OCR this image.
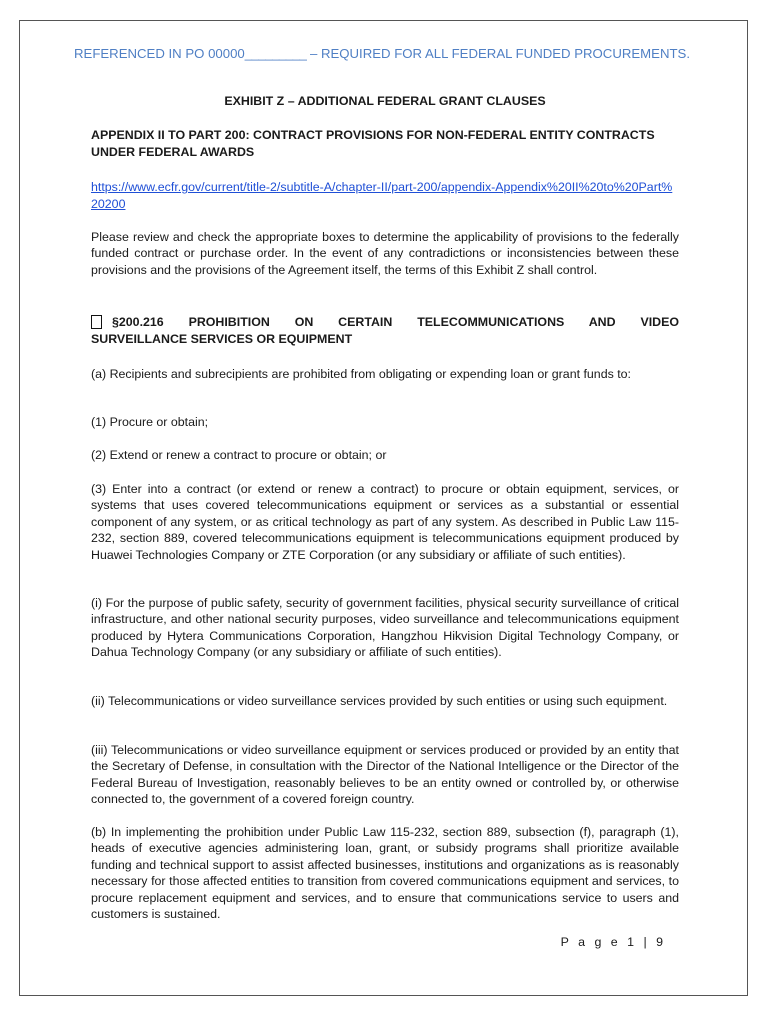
REFERENCED IN PO 00000_________ – REQUIRED FOR ALL FEDERAL FUNDED PROCUREMENTS.
EXHIBIT Z – ADDITIONAL FEDERAL GRANT CLAUSES
APPENDIX II TO PART 200: CONTRACT PROVISIONS FOR NON-FEDERAL ENTITY CONTRACTS UNDER FEDERAL AWARDS
https://www.ecfr.gov/current/title-2/subtitle-A/chapter-II/part-200/appendix-Appendix%20II%20to%20Part%20200
Please review and check the appropriate boxes to determine the applicability of provisions to the federally funded contract or purchase order. In the event of any contradictions or inconsistencies between these provisions and the provisions of the Agreement itself, the terms of this Exhibit Z shall control.
§200.216 PROHIBITION ON CERTAIN TELECOMMUNICATIONS AND VIDEO
SURVEILLANCE SERVICES OR EQUIPMENT
(a) Recipients and subrecipients are prohibited from obligating or expending loan or grant funds to:
(1) Procure or obtain;
(2) Extend or renew a contract to procure or obtain; or
(3) Enter into a contract (or extend or renew a contract) to procure or obtain equipment, services, or systems that uses covered telecommunications equipment or services as a substantial or essential component of any system, or as critical technology as part of any system. As described in Public Law 115-232, section 889, covered telecommunications equipment is telecommunications equipment produced by Huawei Technologies Company or ZTE Corporation (or any subsidiary or affiliate of such entities).
(i) For the purpose of public safety, security of government facilities, physical security surveillance of critical infrastructure, and other national security purposes, video surveillance and telecommunications equipment produced by Hytera Communications Corporation, Hangzhou Hikvision Digital Technology Company, or Dahua Technology Company (or any subsidiary or affiliate of such entities).
(ii) Telecommunications or video surveillance services provided by such entities or using such equipment.
(iii) Telecommunications or video surveillance equipment or services produced or provided by an entity that the Secretary of Defense, in consultation with the Director of the National Intelligence or the Director of the Federal Bureau of Investigation, reasonably believes to be an entity owned or controlled by, or otherwise connected to, the government of a covered foreign country.
(b) In implementing the prohibition under Public Law 115-232, section 889, subsection (f), paragraph (1), heads of executive agencies administering loan, grant, or subsidy programs shall prioritize available funding and technical support to assist affected businesses, institutions and organizations as is reasonably necessary for those affected entities to transition from covered communications equipment and services, to procure replacement equipment and services, and to ensure that communications service to users and customers is sustained.
P a g e 1 | 9
